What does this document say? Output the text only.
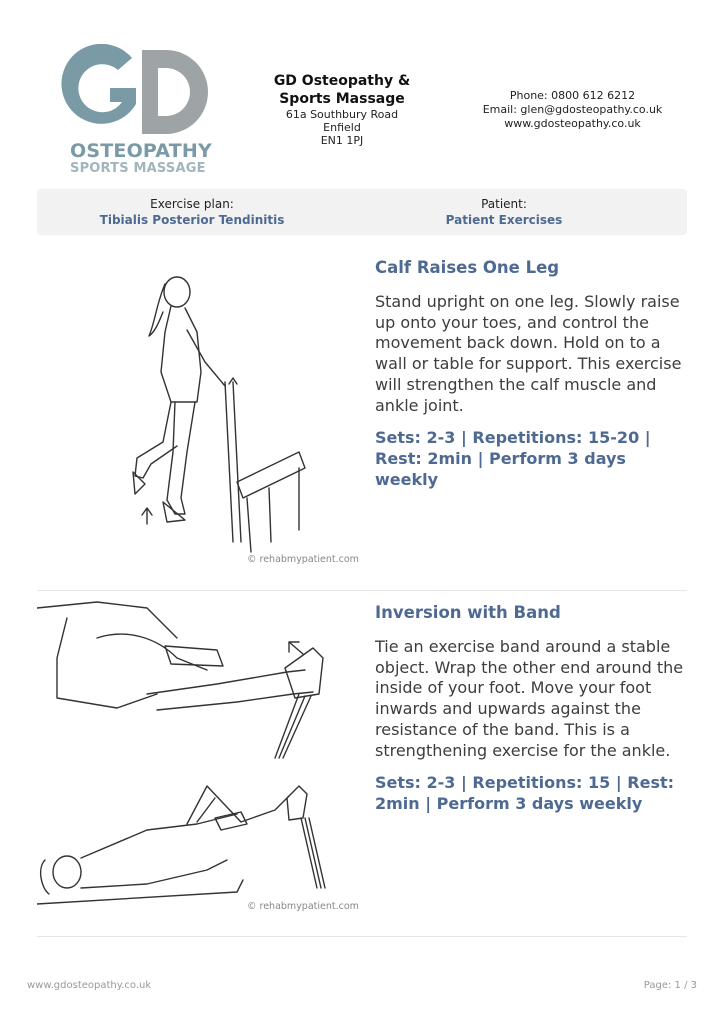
OSTEOPATHY
SPORTS MASSAGE
GD Osteopathy & Sports Massage
61a Southbury Road
Enfield
EN1 1PJ
Phone: 0800 612 6212
Email: glen@gdosteopathy.co.uk
www.gdosteopathy.co.uk
Exercise plan:
Tibialis Posterior Tendinitis
Patient:
Patient Exercises
© rehabmypatient.com
Calf Raises One Leg
Stand upright on one leg. Slowly raise up onto your toes, and control the movement back down. Hold on to a wall or table for support. This exercise will strengthen the calf muscle and ankle joint.
Sets: 2-3 | Repetitions: 15-20 | Rest: 2min | Perform 3 days weekly
© rehabmypatient.com
Inversion with Band
Tie an exercise band around a stable object. Wrap the other end around the inside of your foot. Move your foot inwards and upwards against the resistance of the band. This is a strengthening exercise for the ankle.
Sets: 2-3 | Repetitions: 15 | Rest: 2min | Perform 3 days weekly
www.gdosteopathy.co.uk	Page: 1 / 3
